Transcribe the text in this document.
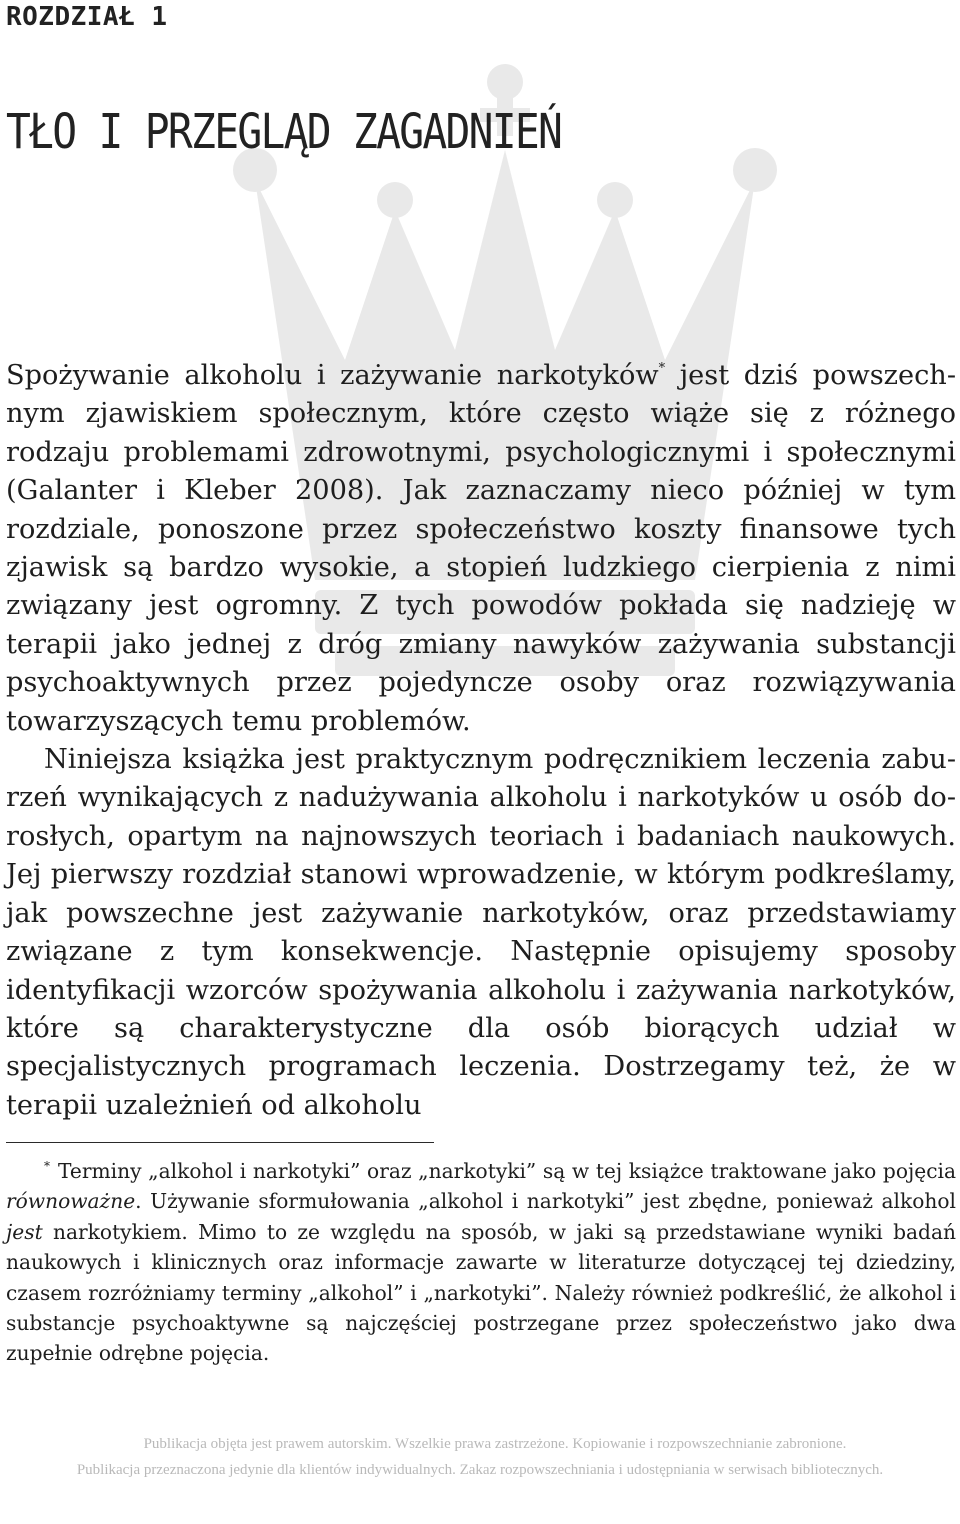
ROZDZIAŁ 1
TŁO I PRZEGLĄD ZAGADNIEŃ

Spożywanie alkoholu i zażywanie narkotyków* jest dziś powszechnym zjawiskiem społecznym, które często wiąże się z różnego rodzaju problemami zdrowotnymi, psychologicznymi i społecznymi (Galanter i Kleber 2008). Jak zaznaczamy nieco później w tym rozdziale, ponoszone przez społeczeństwo koszty finansowe tych zjawisk są bardzo wysokie, a stopień ludzkiego cierpienia z nimi związany jest ogromny. Z tych powodów pokłada się nadzieję w terapii jako jednej z dróg zmiany nawyków zażywania substancji psychoaktywnych przez pojedyncze osoby oraz rozwiązywania towarzyszących temu problemów.

Niniejsza książka jest praktycznym podręcznikiem leczenia zaburzeń wynikających z nadużywania alkoholu i narkotyków u osób dorosłych, opartym na najnowszych teoriach i badaniach naukowych. Jej pierwszy rozdział stanowi wprowadzenie, w którym podkreślamy, jak powszechne jest zażywanie narkotyków, oraz przedstawiamy związane z tym konsekwencje. Następnie opisujemy sposoby identyfikacji wzorców spożywania alkoholu i zażywania narkotyków, które są charakterystyczne dla osób biorących udział w specjalistycznych programach leczenia. Dostrzegamy też, że w terapii uzależnień od alkoholu

* Terminy „alkohol i narkotyki” oraz „narkotyki” są w tej książce traktowane jako pojęcia równoważne. Używanie sformułowania „alkohol i narkotyki” jest zbędne, ponieważ alkohol jest narkotykiem. Mimo to ze względu na sposób, w jaki są przedstawiane wyniki badań naukowych i klinicznych oraz informacje zawarte w literaturze dotyczącej tej dziedziny, czasem rozróżniamy terminy „alkohol” i „narkotyki”. Należy również podkreślić, że alkohol i substancje psychoaktywne są najczęściej postrzegane przez społeczeństwo jako dwa zupełnie odrębne pojęcia.

Publikacja objęta jest prawem autorskim. Wszelkie prawa zastrzeżone. Kopiowanie i rozpowszechnianie zabronione.
Publikacja przeznaczona jedynie dla klientów indywidualnych. Zakaz rozpowszechniania i udostępniania w serwisach bibliotecznych.
